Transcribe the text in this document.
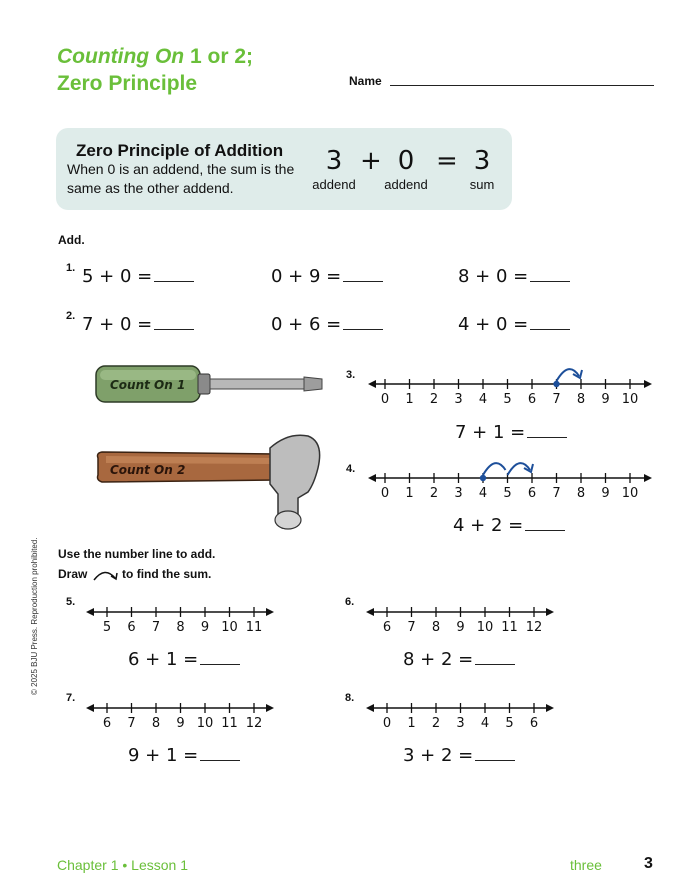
Counting On 1 or 2;
Zero Principle	Name
Zero Principle of Addition
When 0 is an addend, the sum is the same as the other addend.
3 + 0 = 3
addend	addend	sum
Add.
1. 5 + 0 =	0 + 9 =	8 + 0 =
2. 7 + 0 =	0 + 6 =	4 + 0 =
Count On 1
Count On 2
3.
0 1 2 3 4 5 6 7 8 9 10
7 + 1 =
4.
0 1 2 3 4 5 6 7 8 9 10
4 + 2 =
Use the number line to add.
Draw	to find the sum.
5.
5 6 7 8 9 10 11
6 + 1 =
6.
6 7 8 9 10 11 12
8 + 2 =
7.
6 7 8 9 10 11 12
9 + 1 =
8.
0 1 2 3 4 5 6
3 + 2 =
© 2025 BJU Press. Reproduction prohibited.
Chapter 1 • Lesson 1	three	3
